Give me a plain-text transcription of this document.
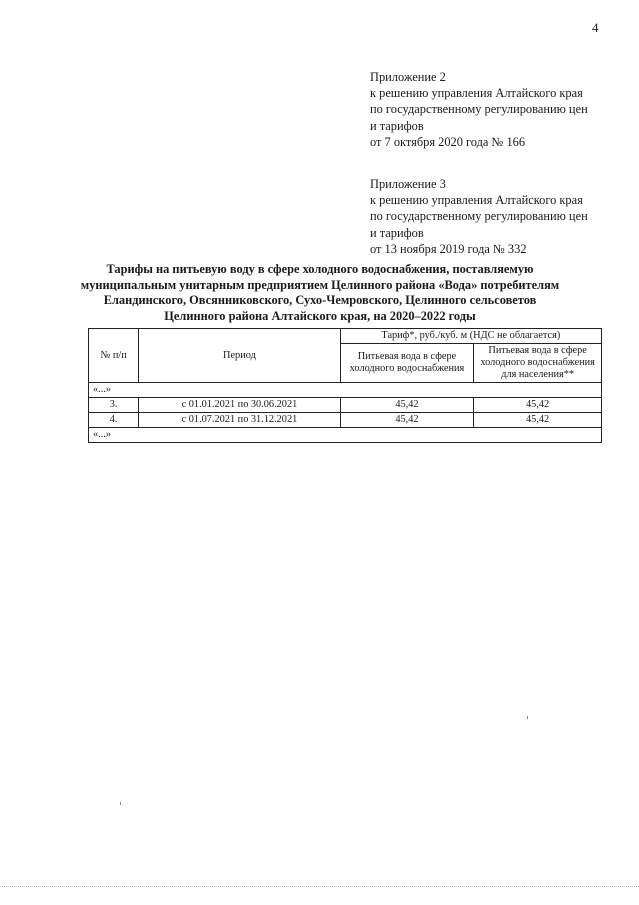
4
Приложение 2
к решению управления Алтайского края
по государственному регулированию цен
и тарифов
от 7 октября 2020 года № 166
Приложение 3
к решению управления Алтайского края
по государственному регулированию цен
и тарифов
от 13 ноября 2019 года № 332
Тарифы на питьевую воду в сфере холодного водоснабжения, поставляемую
муниципальным унитарным предприятием Целинного района «Вода» потребителям
Еландинского, Овсянниковского, Сухо-Чемровского, Целинного сельсоветов
Целинного района Алтайского края, на 2020–2022 годы
№ п/п	Период	Тариф*, руб./куб. м (НДС не облагается)	
		Питьевая вода в сфере холодного водоснабжения	Питьевая вода в сфере холодного водоснабжения для населения**
«...»			
3.	с 01.01.2021 по 30.06.2021	45,42	45,42
4.	с 01.07.2021 по 31.12.2021	45,42	45,42
«...»			
